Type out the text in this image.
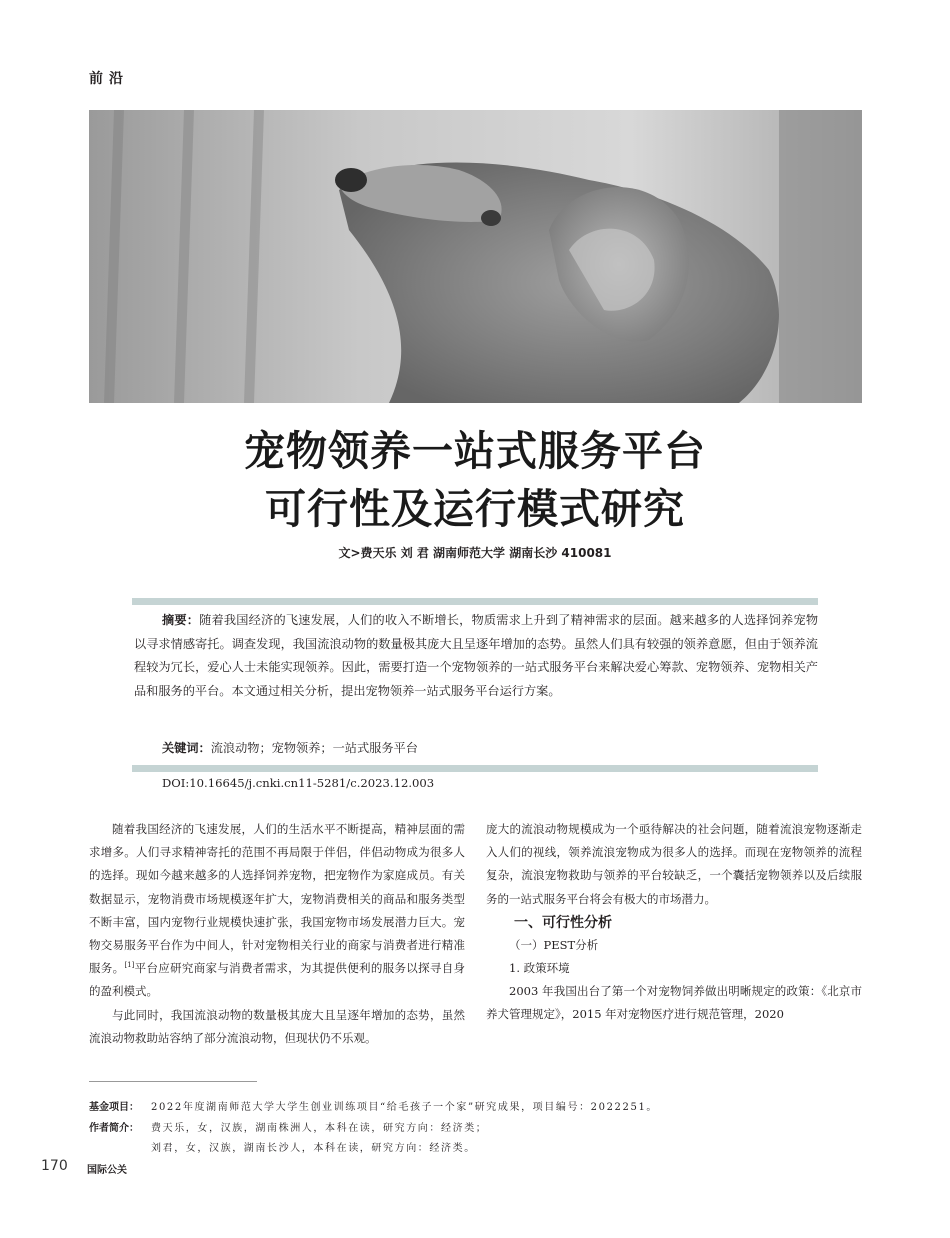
前沿
宠物领养一站式服务平台
可行性及运行模式研究
文>费天乐 刘 君 湖南师范大学 湖南长沙 410081
摘要：随着我国经济的飞速发展，人们的收入不断增长，物质需求上升到了精神需求的层面。越来越多的人选择饲养宠物以寻求情感寄托。调查发现，我国流浪动物的数量极其庞大且呈逐年增加的态势。虽然人们具有较强的领养意愿，但由于领养流程较为冗长，爱心人士未能实现领养。因此，需要打造一个宠物领养的一站式服务平台来解决爱心筹款、宠物领养、宠物相关产品和服务的平台。本文通过相关分析，提出宠物领养一站式服务平台运行方案。
关键词：流浪动物；宠物领养；一站式服务平台
DOI:10.16645/j.cnki.cn11-5281/c.2023.12.003

随着我国经济的飞速发展，人们的生活水平不断提高，精神层面的需求增多。人们寻求精神寄托的范围不再局限于伴侣，伴侣动物成为很多人的选择。现如今越来越多的人选择饲养宠物，把宠物作为家庭成员。有关数据显示，宠物消费市场规模逐年扩大，宠物消费相关的商品和服务类型不断丰富，国内宠物行业规模快速扩张，我国宠物市场发展潜力巨大。宠物交易服务平台作为中间人，针对宠物相关行业的商家与消费者进行精准服务。[1]平台应研究商家与消费者需求，为其提供便利的服务以探寻自身的盈利模式。

与此同时，我国流浪动物的数量极其庞大且呈逐年增加的态势，虽然流浪动物救助站容纳了部分流浪动物，但现状仍不乐观。

庞大的流浪动物规模成为一个亟待解决的社会问题，随着流浪宠物逐渐走入人们的视线，领养流浪宠物成为很多人的选择。而现在宠物领养的流程复杂，流浪宠物救助与领养的平台较缺乏，一个囊括宠物领养以及后续服务的一站式服务平台将会有极大的市场潜力。

一、可行性分析

（一）PEST分析

1. 政策环境

2003 年我国出台了第一个对宠物饲养做出明晰规定的政策：《北京市养犬管理规定》，2015 年对宠物医疗进行规范管理，2020

基金项目：	2022年度湖南师范大学大学生创业训练项目“给毛孩子一个家”研究成果，项目编号：2022251。
作者简介：	费天乐，女，汉族，湖南株洲人，本科在读，研究方向：经济类；
刘君，女，汉族，湖南长沙人，本科在读，研究方向：经济类。
170 国际公关
